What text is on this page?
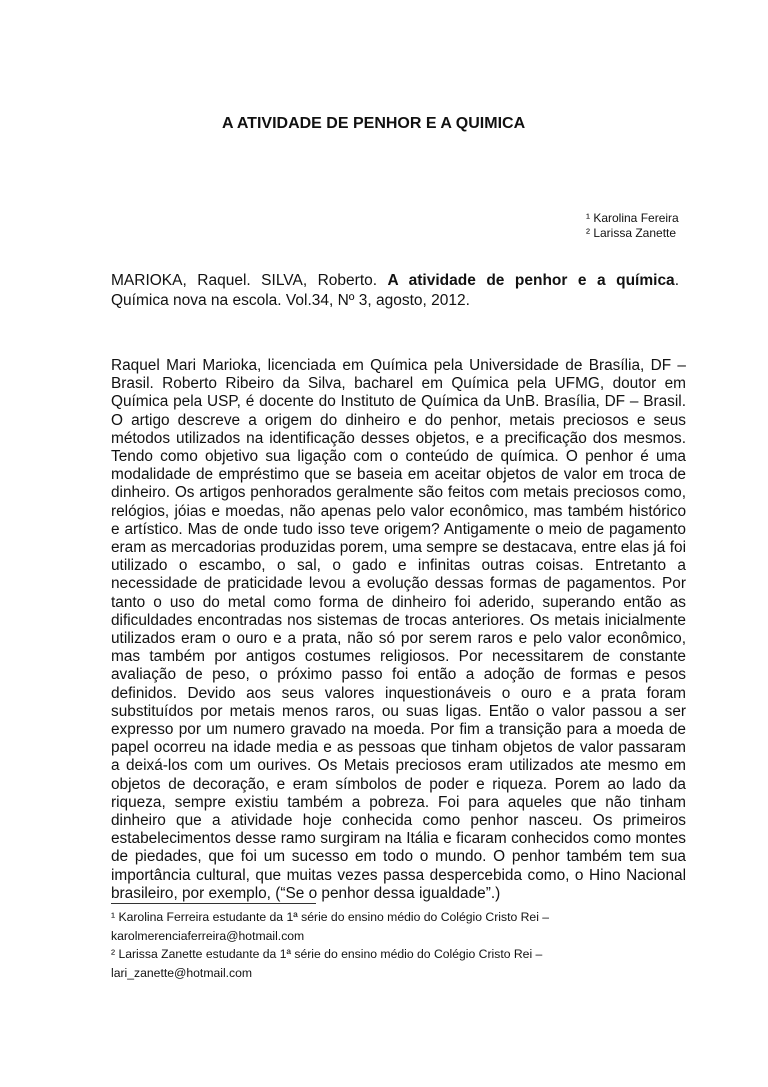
A ATIVIDADE DE PENHOR E A QUIMICA
¹ Karolina Fereira
² Larissa Zanette
MARIOKA, Raquel. SILVA, Roberto. A atividade de penhor e a química. Química nova na escola. Vol.34, Nº 3, agosto, 2012.
Raquel Mari Marioka, licenciada em Química pela Universidade de Brasília, DF – Brasil. Roberto Ribeiro da Silva, bacharel em Química pela UFMG, doutor em Química pela USP, é docente do Instituto de Química da UnB. Brasília, DF – Brasil. O artigo descreve a origem do dinheiro e do penhor, metais preciosos e seus métodos utilizados na identificação desses objetos, e a precificação dos mesmos. Tendo como objetivo sua ligação com o conteúdo de química. O penhor é uma modalidade de empréstimo que se baseia em aceitar objetos de valor em troca de dinheiro. Os artigos penhorados geralmente são feitos com metais preciosos como, relógios, jóias e moedas, não apenas pelo valor econômico, mas também histórico e artístico. Mas de onde tudo isso teve origem? Antigamente o meio de pagamento eram as mercadorias produzidas porem, uma sempre se destacava, entre elas já foi utilizado o escambo, o sal, o gado e infinitas outras coisas. Entretanto a necessidade de praticidade levou a evolução dessas formas de pagamentos. Por tanto o uso do metal como forma de dinheiro foi aderido, superando então as dificuldades encontradas nos sistemas de trocas anteriores. Os metais inicialmente utilizados eram o ouro e a prata, não só por serem raros e pelo valor econômico, mas também por antigos costumes religiosos. Por necessitarem de constante avaliação de peso, o próximo passo foi então a adoção de formas e pesos definidos. Devido aos seus valores inquestionáveis o ouro e a prata foram substituídos por metais menos raros, ou suas ligas. Então o valor passou a ser expresso por um numero gravado na moeda. Por fim a transição para a moeda de papel ocorreu na idade media e as pessoas que tinham objetos de valor passaram a deixá-los com um ourives. Os Metais preciosos eram utilizados ate mesmo em objetos de decoração, e eram símbolos de poder e riqueza. Porem ao lado da riqueza, sempre existiu também a pobreza. Foi para aqueles que não tinham dinheiro que a atividade hoje conhecida como penhor nasceu. Os primeiros estabelecimentos desse ramo surgiram na Itália e ficaram conhecidos como montes de piedades, que foi um sucesso em todo o mundo. O penhor também tem sua importância cultural, que muitas vezes passa despercebida como, o Hino Nacional brasileiro, por exemplo, (“Se o penhor dessa igualdade”.)
¹ Karolina Ferreira estudante da 1ª série do ensino médio do Colégio Cristo Rei –
karolmerenciaferreira@hotmail.com
² Larissa Zanette estudante da 1ª série do ensino médio do Colégio Cristo Rei –
lari_zanette@hotmail.com
